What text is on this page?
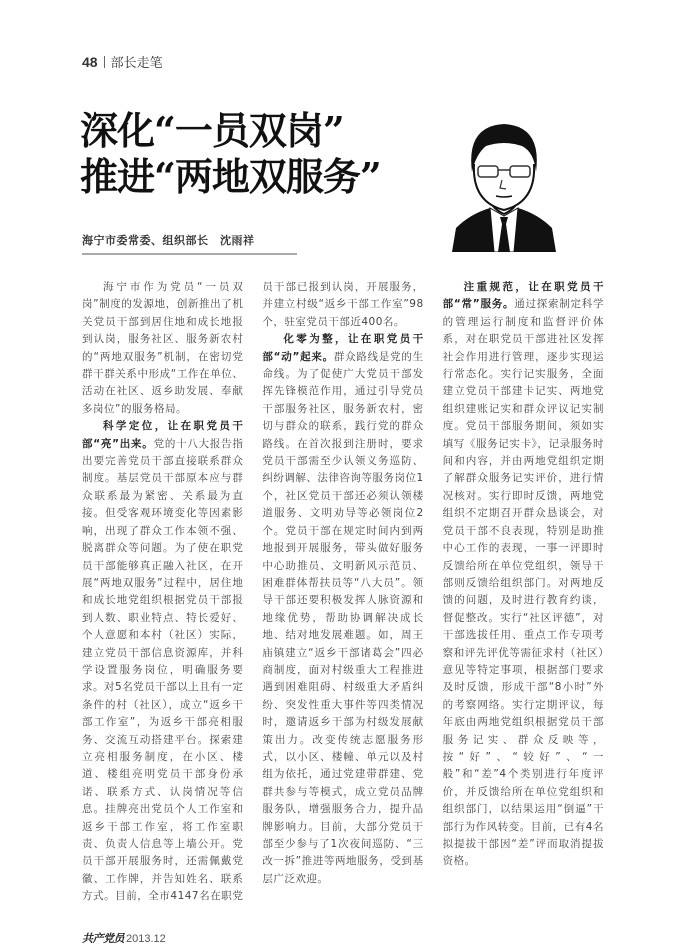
48 部长走笔
深化“一员双岗”
推进“两地双服务”
海宁市委常委、组织部长　沈雨祥

海宁市作为党员“一员双岗”制度的发源地，创新推出了机关党员干部到居住地和成长地报到认岗，服务社区、服务新农村的“两地双服务”机制，在密切党群干群关系中形成“工作在单位、活动在社区、返乡助发展、奉献多岗位”的服务格局。

科学定位，让在职党员干部“亮”出来。党的十八大报告指出要完善党员干部直接联系群众制度。基层党员干部原本应与群众联系最为紧密、关系最为直接。但受客观环境变化等因素影响，出现了群众工作本领不强、脱离群众等问题。为了使在职党员干部能够真正融入社区，在开展“两地双服务”过程中，居住地和成长地党组织根据党员干部报到人数、职业特点、特长爱好、个人意愿和本村（社区）实际，建立党员干部信息资源库，并科学设置服务岗位，明确服务要求。对5名党员干部以上且有一定条件的村（社区），成立“返乡干部工作室”，为返乡干部亮相服务、交流互动搭建平台。探索建立亮相服务制度，在小区、楼道、楼组亮明党员干部身份承诺、联系方式、认岗情况等信息。挂牌亮出党员个人工作室和返乡干部工作室，将工作室职责、负责人信息等上墙公开。党员干部开展服务时，还需佩戴党徽、工作牌，并告知姓名、联系方式。目前，全市4147名在职党员干部已报到认岗，开展服务，并建立村级“返乡干部工作室”98个，驻室党员干部近400名。

化零为整，让在职党员干部“动”起来。群众路线是党的生命线。为了促使广大党员干部发挥先锋模范作用，通过引导党员干部服务社区，服务新农村，密切与群众的联系，践行党的群众路线。在首次报到注册时，要求党员干部需至少认领义务巡防、纠纷调解、法律咨询等服务岗位1个，社区党员干部还必须认领楼道服务、文明劝导等必领岗位2个。党员干部在规定时间内到两地报到开展服务，带头做好服务中心助推员、文明新风示范员、困难群体帮扶员等“八大员”。领导干部还要积极发挥人脉资源和地缘优势，帮助协调解决成长地、结对地发展难题。如，周王庙镇建立“返乡干部诸葛会”四必商制度，面对村级重大工程推进遇到困难阻碍、村级重大矛盾纠纷、突发性重大事件等四类情况时，邀请返乡干部为村级发展献策出力。改变传统志愿服务形式，以小区、楼幢、单元以及村组为依托，通过党建带群建、党群共参与等模式，成立党员品牌服务队，增强服务合力，提升品牌影响力。目前，大部分党员干部至少参与了1次夜间巡防、“三改一拆”推进等两地服务，受到基层广泛欢迎。

注重规范，让在职党员干部“常”服务。通过探索制定科学的管理运行制度和监督评价体系，对在职党员干部进社区发挥社会作用进行管理，逐步实现运行常态化。实行记实服务，全面建立党员干部建卡记实、两地党组织建账记实和群众评议记实制度。党员干部服务期间，须如实填写《服务记实卡》，记录服务时间和内容，并由两地党组织定期了解群众服务记实评价，进行情况核对。实行即时反馈，两地党组织不定期召开群众恳谈会，对党员干部不良表现，特别是助推中心工作的表现，一事一评即时反馈给所在单位党组织，领导干部则反馈给组织部门。对两地反馈的问题，及时进行教育约谈，督促整改。实行“社区评德”，对干部选拔任用、重点工作专项考察和评先评优等需征求村（社区）意见等特定事项，根据部门要求及时反馈，形成干部“8小时”外的考察网络。实行定期评议，每年底由两地党组织根据党员干部服务记实、群众反映等，按“好”、“较好”、“一般”和“差”4个类别进行年度评价，并反馈给所在单位党组织和组织部门，以结果运用“倒逼”干部行为作风转变。目前，已有4名拟提拔干部因“差”评而取消提拔资格。

共产党员 2013.12
